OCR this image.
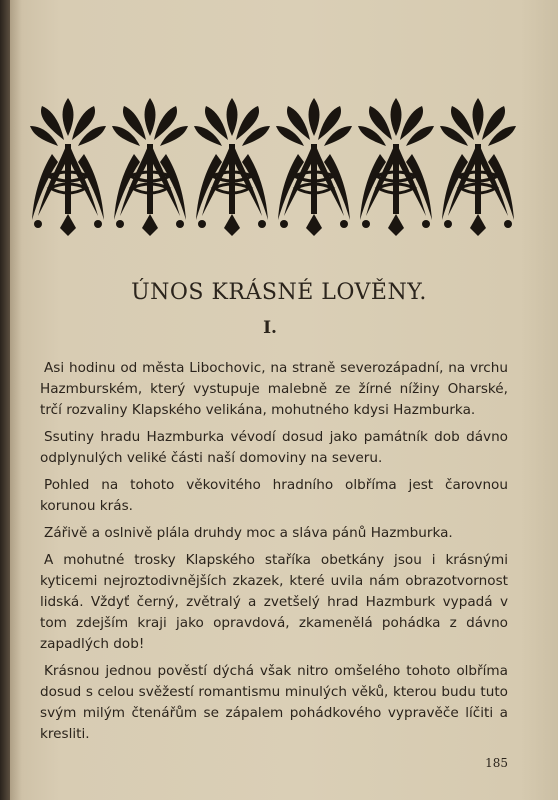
ÚNOS KRÁSNÉ LOVĚNY.
I.

Asi hodinu od města Libochovic, na straně severozápadní, na vrchu Hazmburském, který vystupuje malebně ze žírné nížiny Oharské, trčí rozvaliny Klapského velikána, mohutného kdysi Hazmburka.

Ssutiny hradu Hazmburka vévodí dosud jako památník dob dávno odplynulých veliké části naší domoviny na severu.

Pohled na tohoto věkovitého hradního olbřímа jest čarovnou korunou krás.

Zářivě a oslnivě plála druhdy moc a sláva pánů Hazmburka.

A mohutné trosky Klapského staříka obetkány jsou i krásnými kyticemi nejroztodivnějších zkazek, které uvila nám obrazotvornost lidská. Vždyť černý, zvětralý a zvetšelý hrad Hazmburk vypadá v tom zdejším kraji jako opravdová, zkamenělá pohádka z dávno zapadlých dob!

Krásnou jednou pověstí dýchá však nitro omšelého tohoto olbřímа dosud s celou svěžestí romantismu minulých věků, kterou budu tuto svým milým čtenářům se zápalem pohádkového vypravěče líčiti a kresliti.

185
